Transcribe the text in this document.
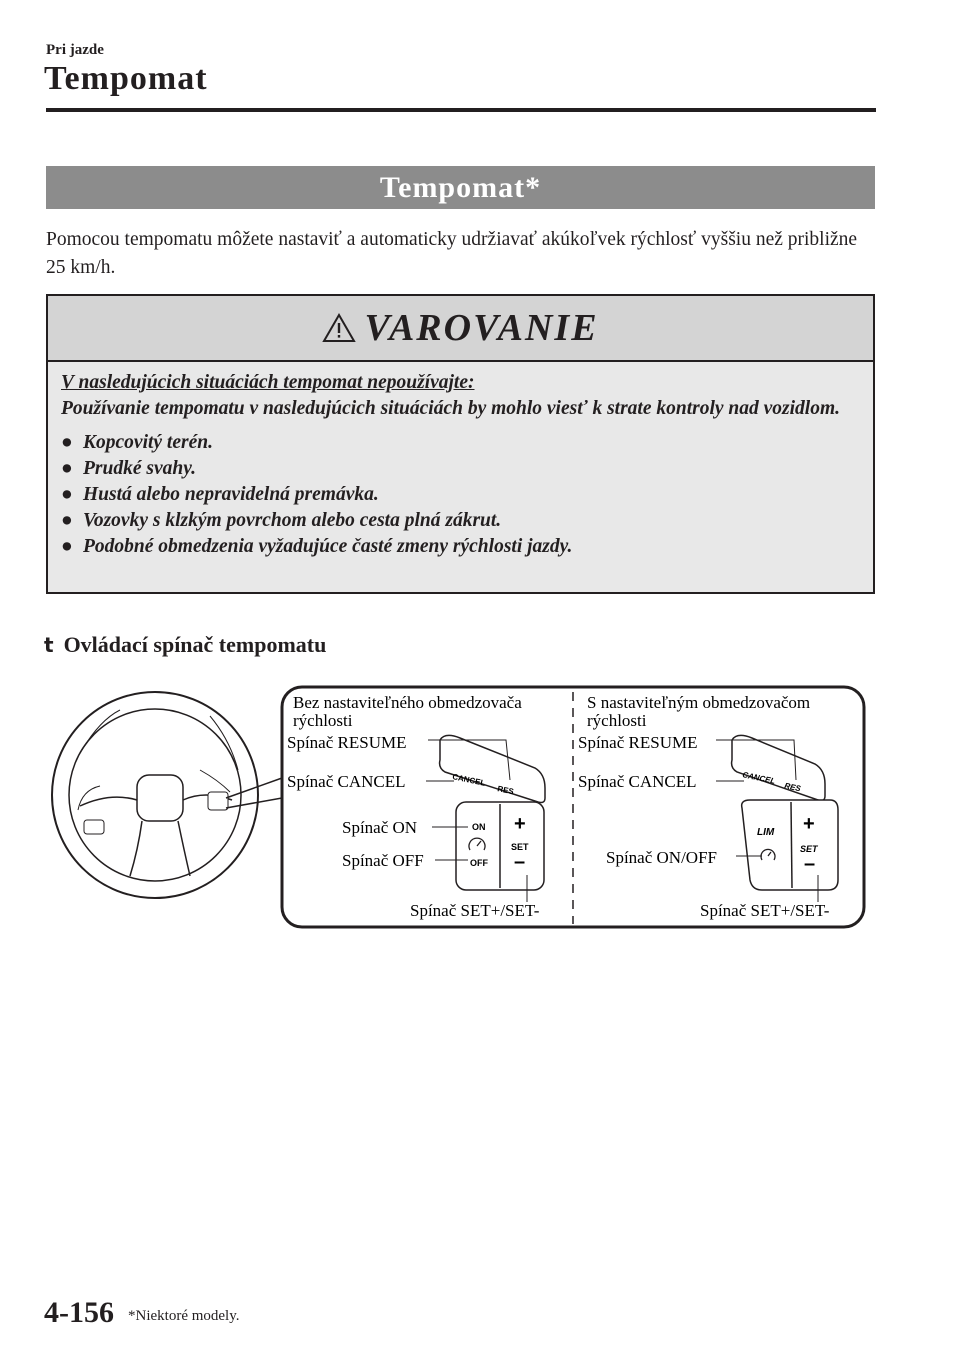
Pri jazde
Tempomat
Tempomat*
Pomocou tempomatu môžete nastaviť a automaticky udržiavať akúkoľvek rýchlosť vyššiu než približne 25 km/h.
VAROVANIE
V nasledujúcich situáciách tempomat nepoužívajte:
Používanie tempomatu v nasledujúcich situáciách by mohlo viesť k strate kontroly nad vozidlom.
● Kopcovitý terén.
● Prudké svahy.
● Hustá alebo nepravidelná premávka.
● Vozovky s klzkým povrchom alebo cesta plná zákrut.
● Podobné obmedzenia vyžadujúce časté zmeny rýchlosti jazdy.
t Ovládací spínač tempomatu
Bez nastaviteľného obmedzovača
rýchlosti
Spínač RESUME
Spínač CANCEL
Spínač ON
Spínač OFF
Spínač SET+/SET-
CANCEL
RES
ON
OFF
+
SET
–
S nastaviteľným obmedzovačom
rýchlosti
Spínač RESUME
Spínač CANCEL
Spínač ON/OFF
Spínač SET+/SET-
CANCEL
RES
LIM +
SET
–
4-156 *Niektoré modely.
